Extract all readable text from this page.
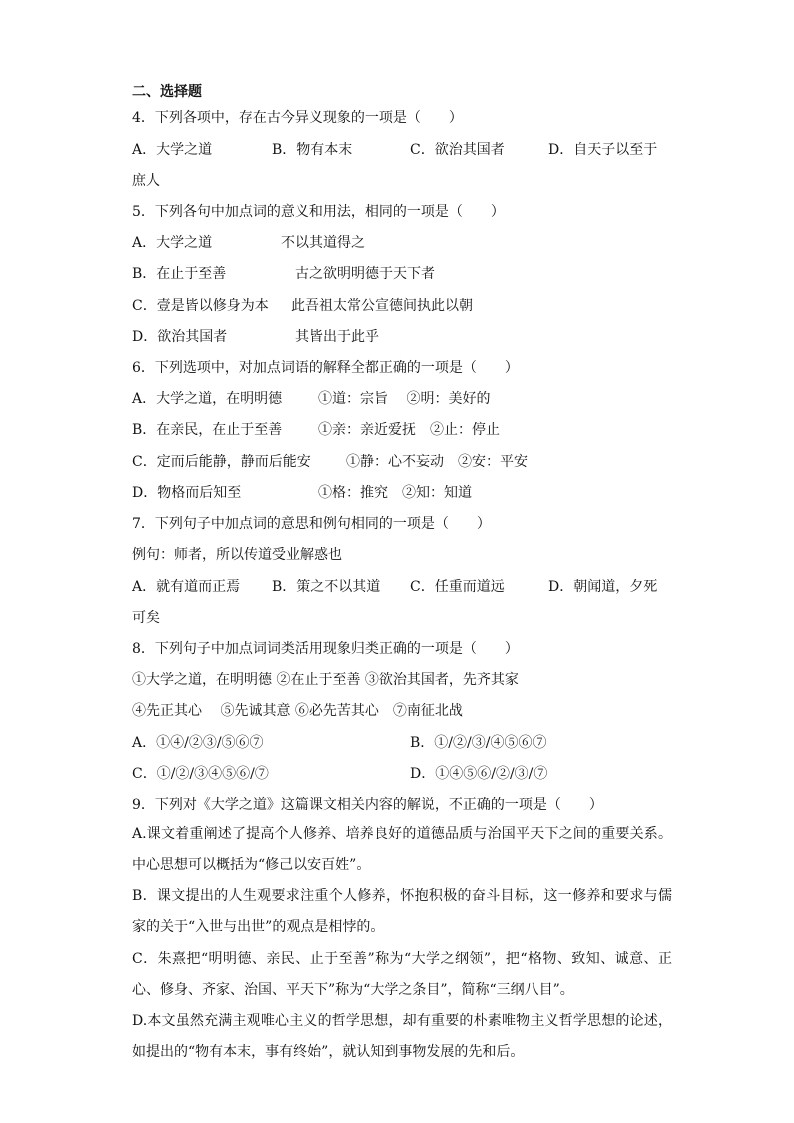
二、选择题
4．下列各项中，存在古今异义现象的一项是（　　）
A．大学之道	B．物有本末	C．欲治其国者	D．自天子以至于
庶人
5．下列各句中加点词的意义和用法，相同的一项是（　　）
A．大学之道	不以其道得之
B．在止于至善	古之欲明明德于天下者
C．壹是皆以修身为本 此吾祖太常公宣德间执此以朝
D．欲治其国者	其皆出于此乎
6．下列选项中，对加点词语的解释全都正确的一项是（　　）
A．大学之道，在明明德	①道：宗旨　 ②明：美好的
B．在亲民，在止于至善	①亲：亲近爱抚　②止：停止
C．定而后能静，静而后能安	①静：心不妄动　②安：平安
D．物格而后知至	①格：推究　②知：知道
7．下列句子中加点词的意思和例句相同的一项是（　　）
例句：师者，所以传道受业解惑也
A．就有道而正焉 B．策之不以其道 C．任重而道远	D．朝闻道，夕死
可矣
8．下列句子中加点词词类活用现象归类正确的一项是（　　）
①大学之道，在明明德 ②在止于至善 ③欲治其国者，先齐其家
④先正其心　 ⑤先诚其意 ⑥必先苦其心　⑦南征北战
A．①④/②③/⑤⑥⑦	B．①/②/③/④⑤⑥⑦
C．①/②/③④⑤⑥/⑦	D．①④⑤⑥/②/③/⑦
9．下列对《大学之道》这篇课文相关内容的解说，不正确的一项是（　　）
A.课文着重阐述了提高个人修养、培养良好的道德品质与治国平天下之间的重要关系。中心思想可以概括为“修己以安百姓”。
B．课文提出的人生观要求注重个人修养，怀抱积极的奋斗目标，这一修养和要求与儒家的关于“入世与出世”的观点是相悖的。
C．朱熹把“明明德、亲民、止于至善”称为“大学之纲领”，把“格物、致知、诚意、正心、修身、齐家、治国、平天下”称为“大学之条目”，简称“三纲八目”。
D.本文虽然充满主观唯心主义的哲学思想，却有重要的朴素唯物主义哲学思想的论述，如提出的“物有本末，事有终始”，就认知到事物发展的先和后。
